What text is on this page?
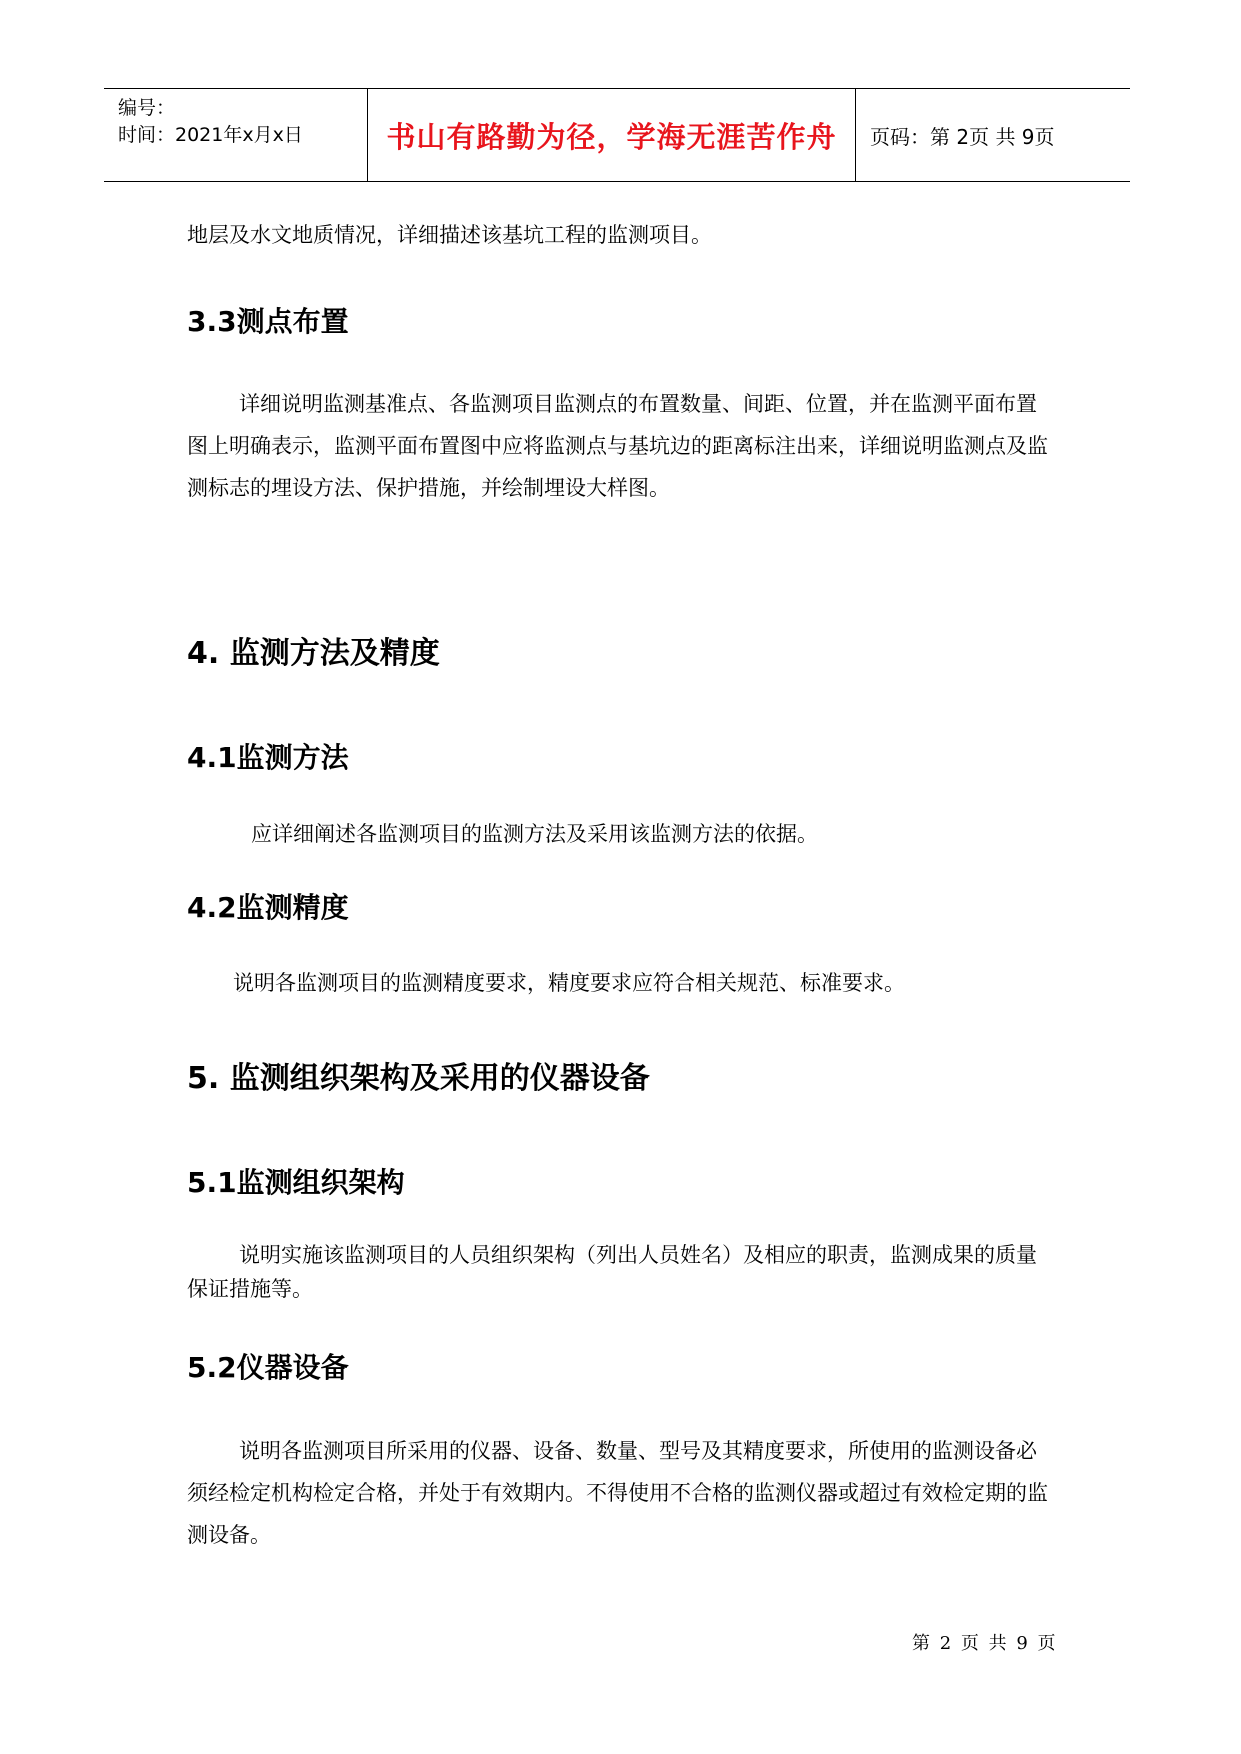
编号：
时间：2021年x月x日	书山有路勤为径，学海无涯苦作舟	页码：第 2页 共 9页
地层及水文地质情况，详细描述该基坑工程的监测项目。
3.3测点布置
详细说明监测基准点、各监测项目监测点的布置数量、间距、位置，并在监测平面布置图上明确表示，监测平面布置图中应将监测点与基坑边的距离标注出来，详细说明监测点及监测标志的埋设方法、保护措施，并绘制埋设大样图。
4. 监测方法及精度
4.1监测方法
应详细阐述各监测项目的监测方法及采用该监测方法的依据。
4.2监测精度
说明各监测项目的监测精度要求，精度要求应符合相关规范、标准要求。
5. 监测组织架构及采用的仪器设备
5.1监测组织架构
说明实施该监测项目的人员组织架构（列出人员姓名）及相应的职责，监测成果的质量保证措施等。
5.2仪器设备
说明各监测项目所采用的仪器、设备、数量、型号及其精度要求，所使用的监测设备必须经检定机构检定合格，并处于有效期内。不得使用不合格的监测仪器或超过有效检定期的监测设备。
第 2 页 共 9 页
